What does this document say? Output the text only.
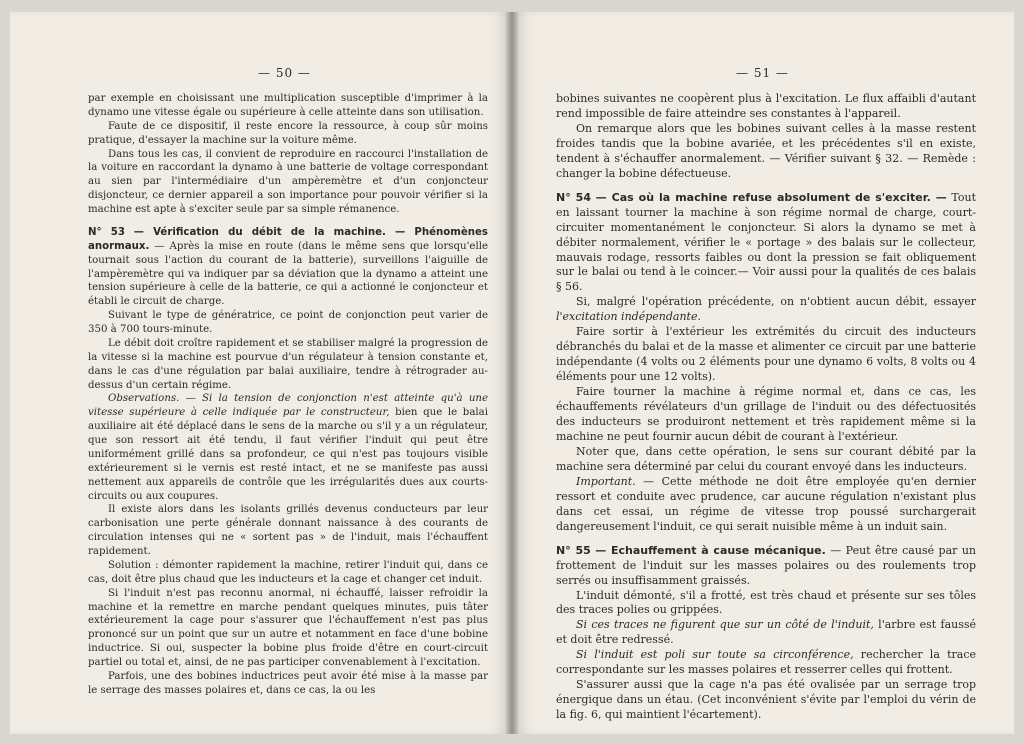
— 50 —

par exemple en choisissant une multiplication susceptible d'imprimer à la dynamo une vitesse égale ou supérieure à celle atteinte dans son utilisation.

Faute de ce dispositif, il reste encore la ressource, à coup sûr moins pratique, d'essayer la machine sur la voiture même.

Dans tous les cas, il convient de reproduire en raccourci l'installation de la voiture en raccordant la dynamo à une batterie de voltage correspondant au sien par l'intermédiaire d'un ampèremètre et d'un conjoncteur disjoncteur, ce dernier appareil a son importance pour pouvoir vérifier si la machine est apte à s'exciter seule par sa simple rémanence.

N° 53 — Vérification du débit de la machine. — Phénomènes anormaux. — Après la mise en route (dans le même sens que lorsqu'elle tournait sous l'action du courant de la batterie), surveillons l'aiguille de l'ampèremètre qui va indiquer par sa déviation que la dynamo a atteint une tension supérieure à celle de la batterie, ce qui a actionné le conjoncteur et établi le circuit de charge.

Suivant le type de génératrice, ce point de conjonction peut varier de 350 à 700 tours-minute.

Le débit doit croître rapidement et se stabiliser malgré la progression de la vitesse si la machine est pourvue d'un régulateur à tension constante et, dans le cas d'une régulation par balai auxiliaire, tendre à rétrograder au-dessus d'un certain régime.

Observations. — Si la tension de conjonction n'est atteinte qu'à une vitesse supérieure à celle indiquée par le constructeur, bien que le balai auxiliaire ait été déplacé dans le sens de la marche ou s'il y a un régulateur, que son ressort ait été tendu, il faut vérifier l'induit qui peut être uniformément grillé dans sa profondeur, ce qui n'est pas toujours visible extérieurement si le vernis est resté intact, et ne se manifeste pas aussi nettement aux appareils de contrôle que les irrégularités dues aux courts-circuits ou aux coupures.

Il existe alors dans les isolants grillés devenus conducteurs par leur carbonisation une perte générale donnant naissance à des courants de circulation intenses qui ne « sortent pas » de l'induit, mais l'échauffent rapidement.

Solution : démonter rapidement la machine, retirer l'induit qui, dans ce cas, doit être plus chaud que les inducteurs et la cage et changer cet induit.

Si l'induit n'est pas reconnu anormal, ni échauffé, laisser refroidir la machine et la remettre en marche pendant quelques minutes, puis tâter extérieurement la cage pour s'assurer que l'échauffement n'est pas plus prononcé sur un point que sur un autre et notamment en face d'une bobine inductrice. Si oui, suspecter la bobine plus froide d'être en court-circuit partiel ou total et, ainsi, de ne pas participer convenablement à l'excitation.

Parfois, une des bobines inductrices peut avoir été mise à la masse par le serrage des masses polaires et, dans ce cas, la ou les

— 51 —

bobines suivantes ne coopèrent plus à l'excitation. Le flux affaibli d'autant rend impossible de faire atteindre ses constantes à l'appareil.

On remarque alors que les bobines suivant celles à la masse restent froides tandis que la bobine avariée, et les précédentes s'il en existe, tendent à s'échauffer anormalement. — Vérifier suivant § 32. — Remède : changer la bobine défectueuse.

N° 54 — Cas où la machine refuse absolument de s'exciter. — Tout en laissant tourner la machine à son régime normal de charge, court-circuiter momentanément le conjoncteur. Si alors la dynamo se met à débiter normalement, vérifier le « portage » des balais sur le collecteur, mauvais rodage, ressorts faibles ou dont la pression se fait obliquement sur le balai ou tend à le coincer.— Voir aussi pour la qualités de ces balais § 56.

Si, malgré l'opération précédente, on n'obtient aucun débit, essayer l'excitation indépendante.

Faire sortir à l'extérieur les extrémités du circuit des inducteurs débranchés du balai et de la masse et alimenter ce circuit par une batterie indépendante (4 volts ou 2 éléments pour une dynamo 6 volts, 8 volts ou 4 éléments pour une 12 volts).

Faire tourner la machine à régime normal et, dans ce cas, les échauffements révélateurs d'un grillage de l'induit ou des défectuosités des inducteurs se produiront nettement et très rapidement même si la machine ne peut fournir aucun débit de courant à l'extérieur.

Noter que, dans cette opération, le sens sur courant débité par la machine sera déterminé par celui du courant envoyé dans les inducteurs.

Important. — Cette méthode ne doit être employée qu'en dernier ressort et conduite avec prudence, car aucune régulation n'existant plus dans cet essai, un régime de vitesse trop poussé surchargerait dangereusement l'induit, ce qui serait nuisible même à un induit sain.

N° 55 — Echauffement à cause mécanique. — Peut être causé par un frottement de l'induit sur les masses polaires ou des roulements trop serrés ou insuffisamment graissés.

L'induit démonté, s'il a frotté, est très chaud et présente sur ses tôles des traces polies ou grippées.

Si ces traces ne figurent que sur un côté de l'induit, l'arbre est faussé et doit être redressé.

Si l'induit est poli sur toute sa circonférence, rechercher la trace correspondante sur les masses polaires et resserrer celles qui frottent.

S'assurer aussi que la cage n'a pas été ovalisée par un serrage trop énergique dans un étau. (Cet inconvénient s'évite par l'emploi du vérin de la fig. 6, qui maintient l'écartement).
